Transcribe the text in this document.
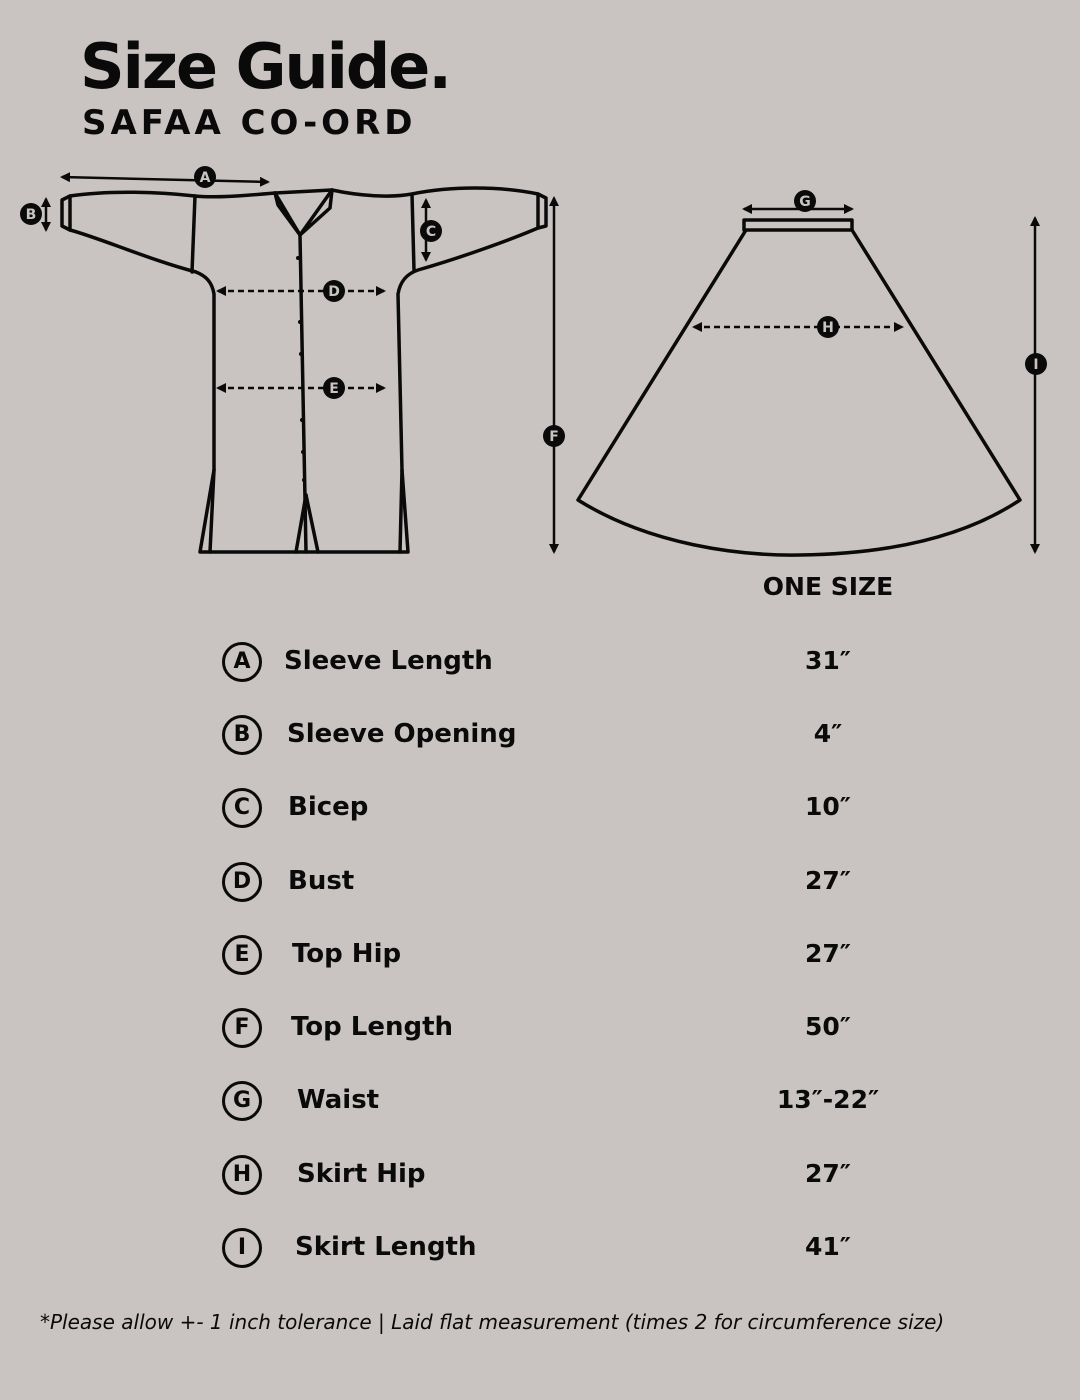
Size Guide.
SAFAA CO-ORD
A
B
C
D
E
F
G
H
I
ONE SIZE
A	Sleeve Length	31″
B	Sleeve Opening	4″
C	Bicep	10″
D	Bust	27″
E	Top Hip	27″
F	Top Length	50″
G	Waist	13″-22″
H	Skirt Hip	27″
I	Skirt Length	41″
*Please allow +- 1 inch tolerance | Laid flat measurement (times 2 for circumference size)
